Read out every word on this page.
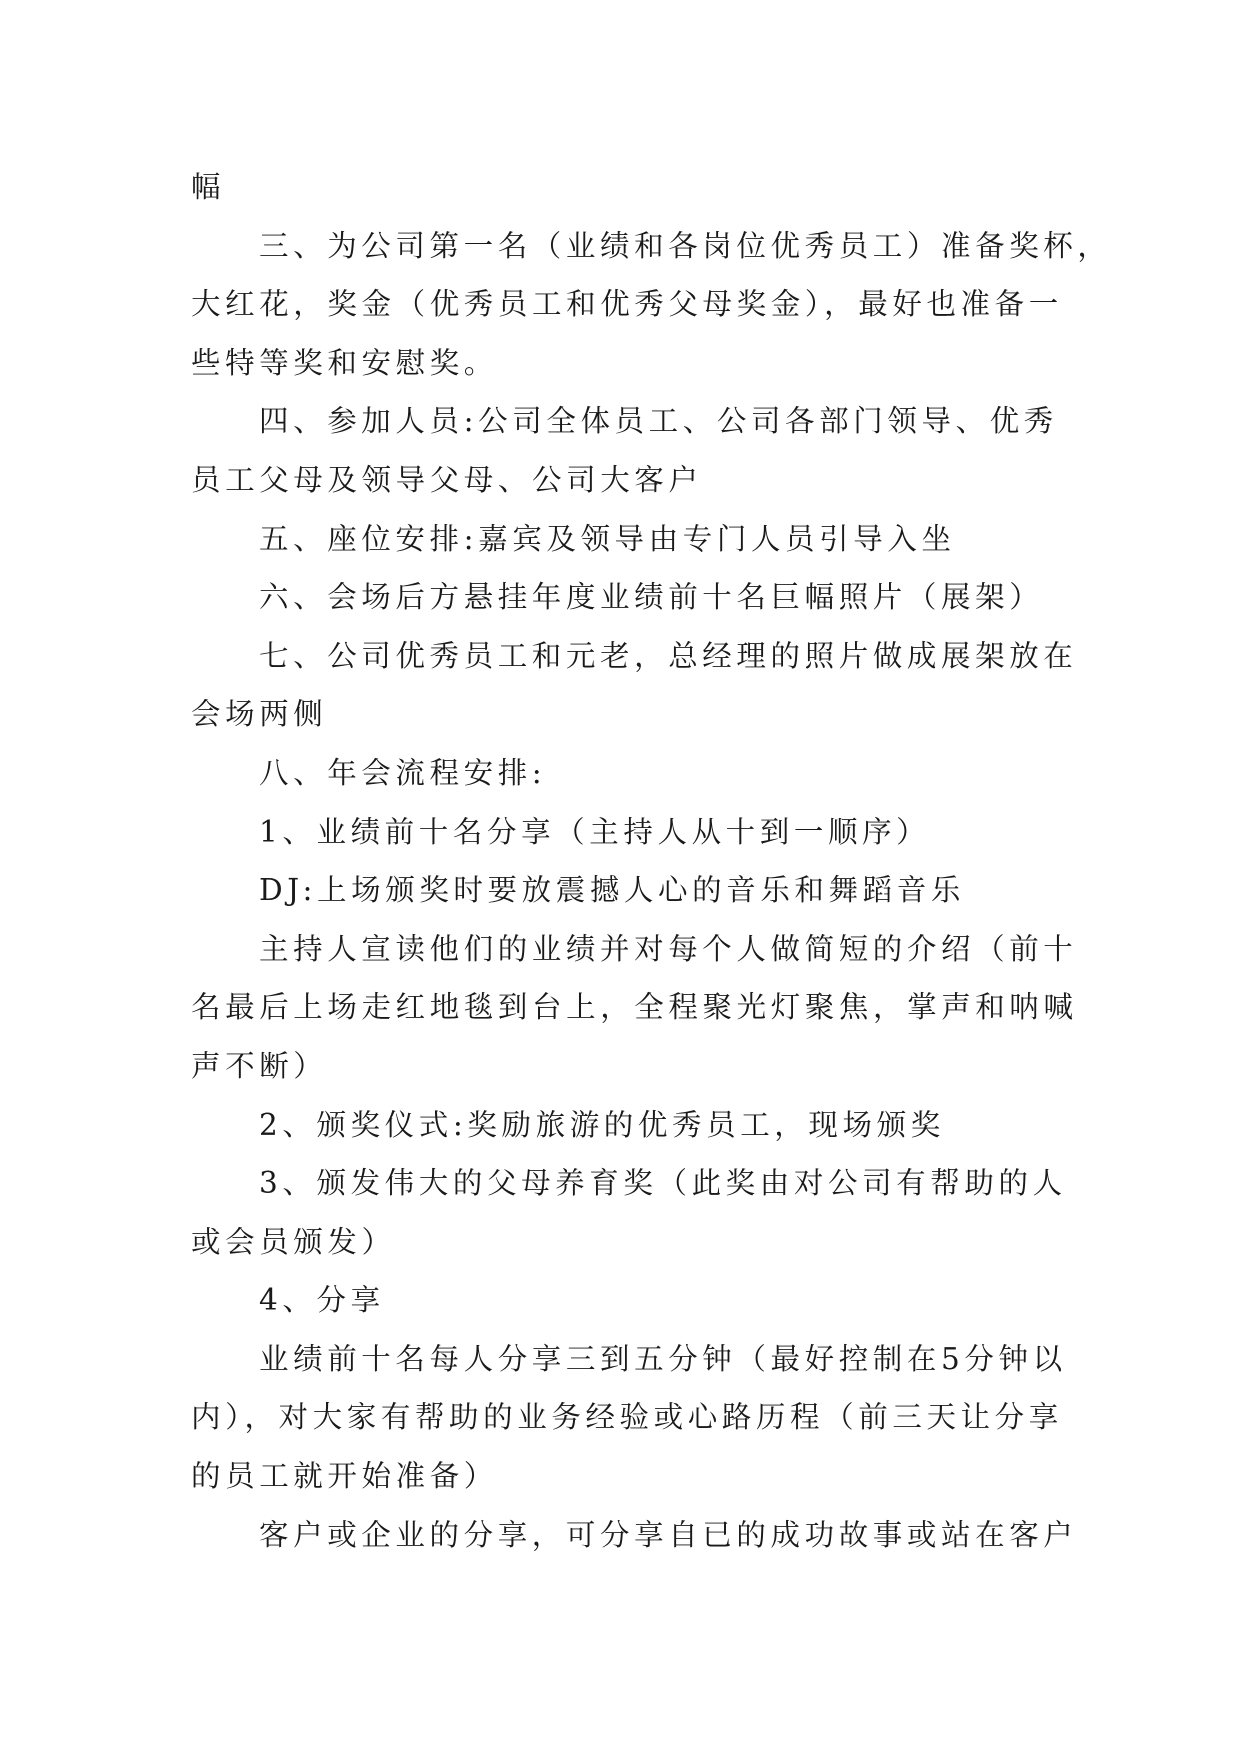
幅

三、为公司第一名（业绩和各岗位优秀员工）准备奖杯，
大红花，奖金（优秀员工和优秀父母奖金），最好也准备一
些特等奖和安慰奖。

四、参加人员:公司全体员工、公司各部门领导、优秀
员工父母及领导父母、公司大客户

五、座位安排:嘉宾及领导由专门人员引导入坐

六、会场后方悬挂年度业绩前十名巨幅照片（展架）

七、公司优秀员工和元老，总经理的照片做成展架放在
会场两侧

八、年会流程安排:

1、业绩前十名分享（主持人从十到一顺序）

DJ:上场颁奖时要放震撼人心的音乐和舞蹈音乐

主持人宣读他们的业绩并对每个人做简短的介绍（前十
名最后上场走红地毯到台上，全程聚光灯聚焦，掌声和呐喊
声不断）

2、颁奖仪式:奖励旅游的优秀员工，现场颁奖

3、颁发伟大的父母养育奖（此奖由对公司有帮助的人
或会员颁发）

4、分享

业绩前十名每人分享三到五分钟（最好控制在5分钟以
内），对大家有帮助的业务经验或心路历程（前三天让分享
的员工就开始准备）

客户或企业的分享，可分享自已的成功故事或站在客户
